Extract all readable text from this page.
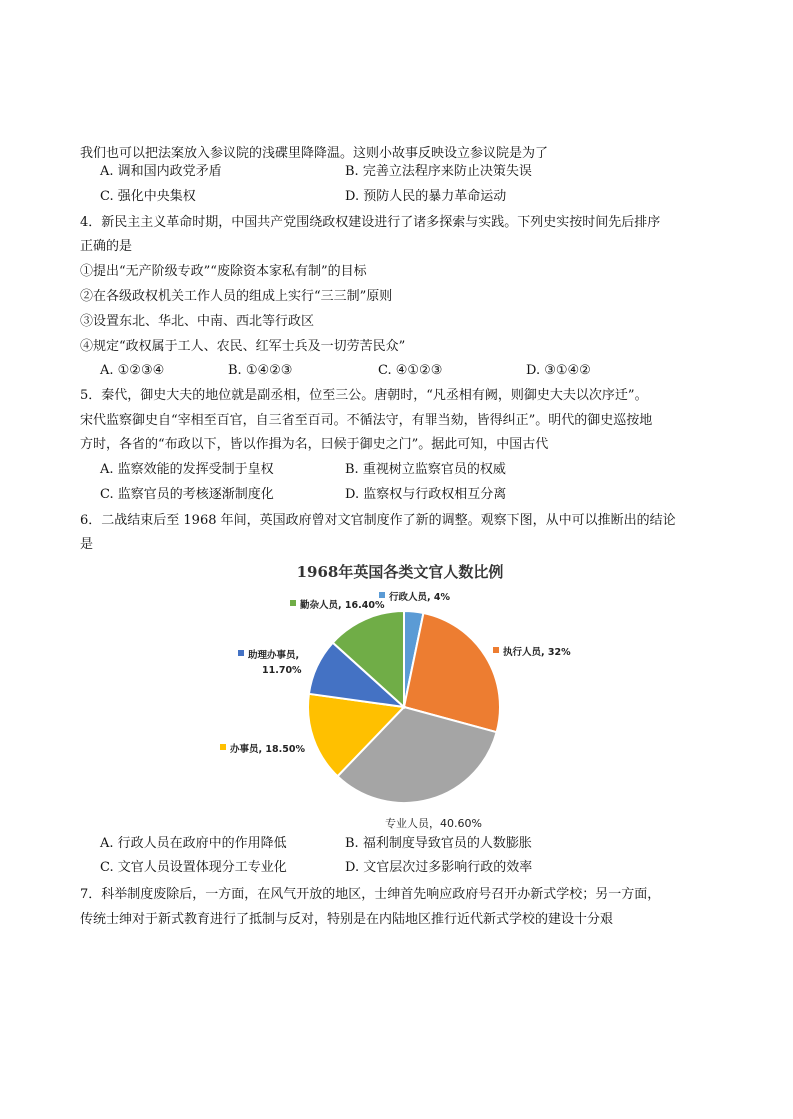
我们也可以把法案放入参议院的浅碟里降降温。这则小故事反映设立参议院是为了
A. 调和国内政党矛盾	B. 完善立法程序来防止决策失误
C. 强化中央集权	D. 预防人民的暴力革命运动
4．新民主主义革命时期，中国共产党围绕政权建设进行了诸多探索与实践。下列史实按时间先后排序
正确的是
①提出“无产阶级专政”“废除资本家私有制”的目标
②在各级政权机关工作人员的组成上实行“三三制”原则
③设置东北、华北、中南、西北等行政区
④规定“政权属于工人、农民、红军士兵及一切劳苦民众”
A. ①②③④	B. ①④②③	C. ④①②③	D. ③①④②
5．秦代，御史大夫的地位就是副丞相，位至三公。唐朝时，“凡丞相有阙，则御史大夫以次序迁”。
宋代监察御史自“宰相至百官，自三省至百司。不循法守，有罪当劾，皆得纠正”。明代的御史巡按地
方时，各省的“布政以下，皆以作揖为名，曰候于御史之门”。据此可知，中国古代
A. 监察效能的发挥受制于皇权	B. 重视树立监察官员的权威
C. 监察官员的考核逐渐制度化	D. 监察权与行政权相互分离
6．二战结束后至 1968 年间，英国政府曾对文官制度作了新的调整。观察下图，从中可以推断出的结论
是
1968年英国各类文官人数比例
行政人员, 4%
勤杂人员, 16.40%
执行人员, 32%
助理办事员,
11.70%
办事员, 18.50%
专业人员，40.60%
A. 行政人员在政府中的作用降低	B. 福利制度导致官员的人数膨胀
C. 文官人员设置体现分工专业化	D. 文官层次过多影响行政的效率
7．科举制度废除后，一方面，在风气开放的地区，士绅首先响应政府号召开办新式学校；另一方面，
传统士绅对于新式教育进行了抵制与反对，特别是在内陆地区推行近代新式学校的建设十分艰
